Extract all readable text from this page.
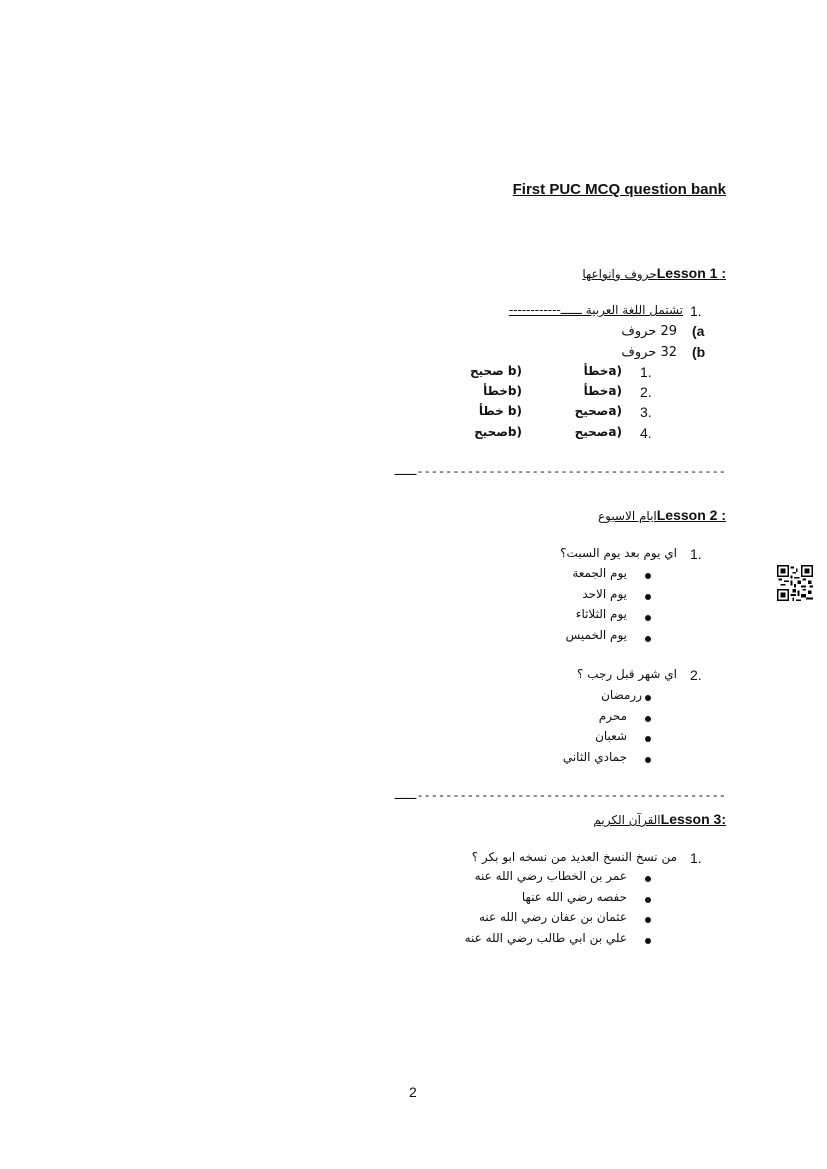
First PUC MCQ question bank
حروف وانواعهاLesson 1 :
1.
تشتمل اللغة العربية ــــــ------------
a)
29 حروف
b)
32 حروف
1.
(aخطأ
(b صحيح
2.
(aخطأ
(bخطأ
3.
(aصحيح
(b خطأ
4.
(aصحيح
(bصحيح
ـــ-------------------------------------------
ايام الاسبوعLesson 2 :
1.
اي يوم بعد يوم السبت؟
يوم الجمعة
يوم الاحد
يوم الثلاثاء
يوم الخميس
2.
اي شهر قبل رجب ؟
ررمضان
محرم
شعبان
جمادي الثاني
ـــ-------------------------------------------
القرآن الكريمLesson 3:
1.
من نسخ النسخ العديد من نسخه ابو بكر ؟
عمر بن الخطاب رضي الله عنه
حفصه رضي الله عنها
عثمان بن عفان رضي الله عنه
علي بن ابي طالب رضي الله عنه
2
